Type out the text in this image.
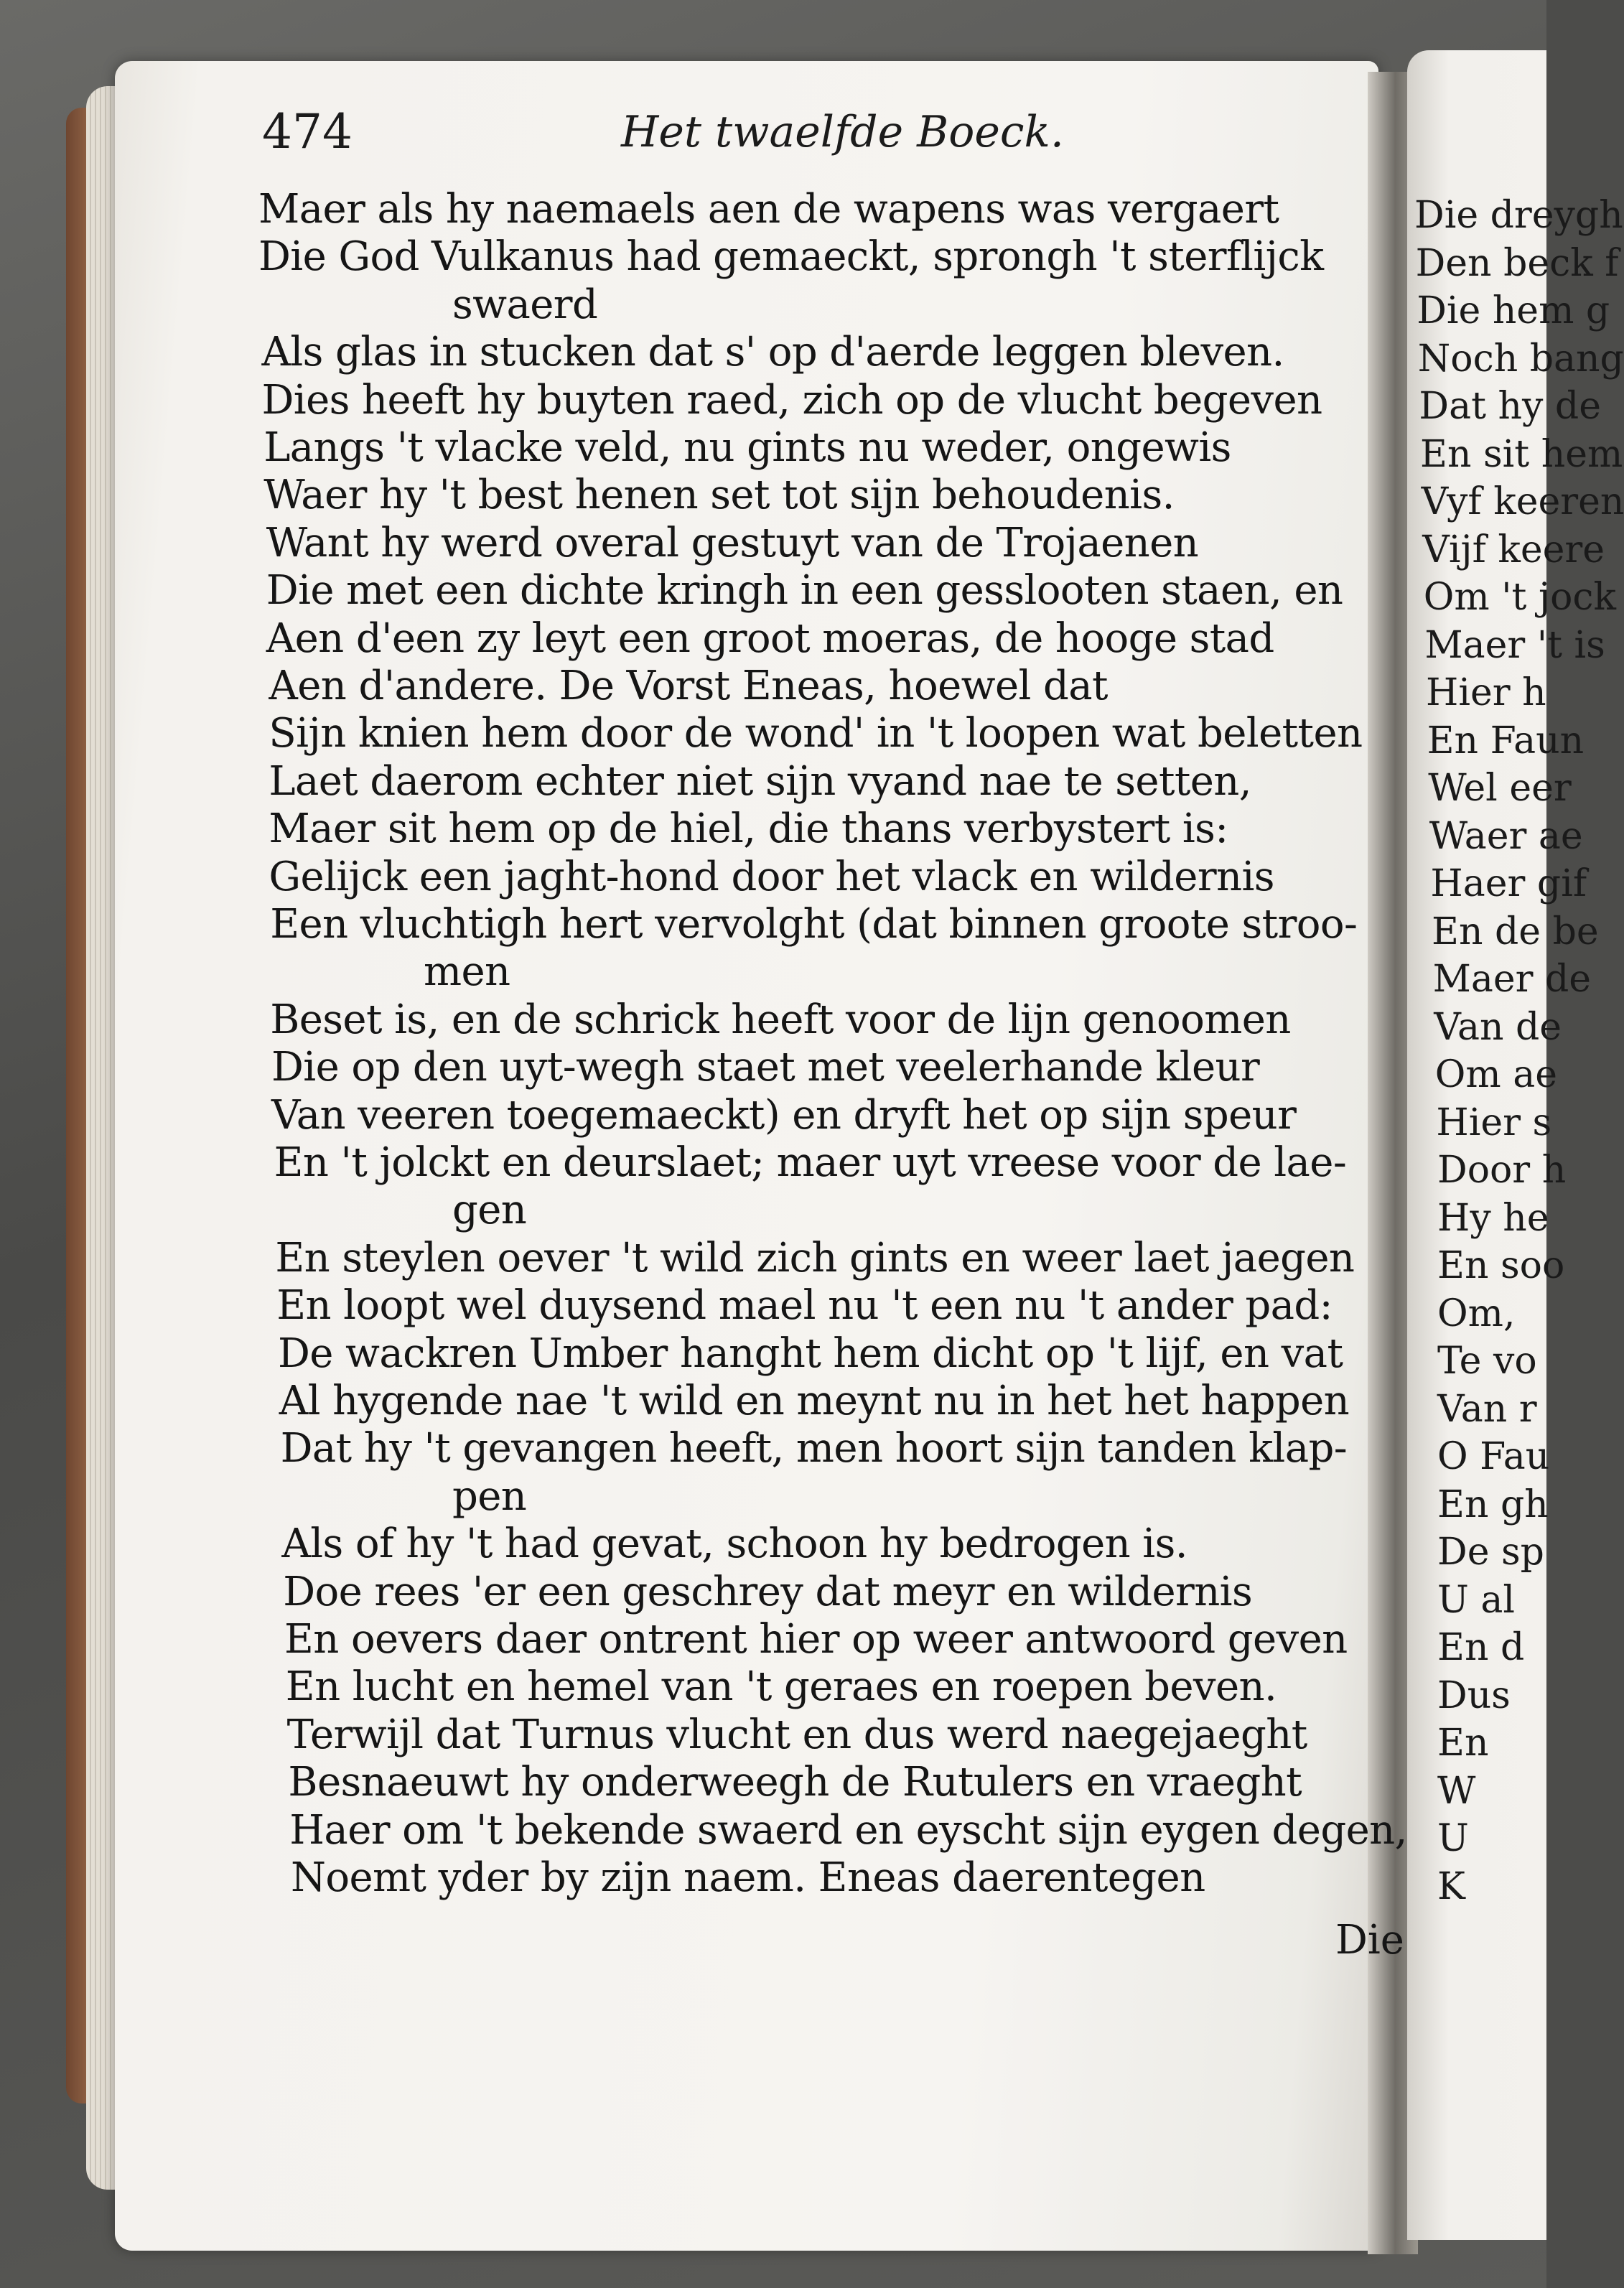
Die dreygh
Den beck f
Die hem g
Noch bang
Dat hy de
En sit hem
Vyf keeren
Vijf keere
Om 't jock
Maer 't is
Hier h
En Faun
Wel eer
Waer ae
Haer gif
En de be
Maer de
Van de
Om ae
Hier s
Door h
Hy he
En soo
Om,
Te vo
Van r
O Fau
En gh
De sp
U al
En d
Dus
En
W
U
K
474	Het twaelfde Boeck.
Maer als hy naemaels aen de wapens was vergaert
Die God Vulkanus had gemaeckt, sprongh 't sterflijck
swaerd
Als glas in stucken dat s' op d'aerde leggen bleven.
Dies heeft hy buyten raed, zich op de vlucht begeven
Langs 't vlacke veld, nu gints nu weder, ongewis
Waer hy 't best henen set tot sijn behoudenis.
Want hy werd overal gestuyt van de Trojaenen
Die met een dichte kringh in een gesslooten staen, en
Aen d'een zy leyt een groot moeras, de hooge stad
Aen d'andere. De Vorst Eneas, hoewel dat
Sijn knien hem door de wond' in 't loopen wat beletten
Laet daerom echter niet sijn vyand nae te setten,
Maer sit hem op de hiel, die thans verbystert is:
Gelijck een jaght-hond door het vlack en wildernis
Een vluchtigh hert vervolght (dat binnen groote stroo-
men
Beset is, en de schrick heeft voor de lijn genoomen
Die op den uyt-wegh staet met veelerhande kleur
Van veeren toegemaeckt) en dryft het op sijn speur
En 't jolckt en deurslaet; maer uyt vreese voor de lae-
gen
En steylen oever 't wild zich gints en weer laet jaegen
En loopt wel duysend mael nu 't een nu 't ander pad:
De wackren Umber hanght hem dicht op 't lijf, en vat
Al hygende nae 't wild en meynt nu in het het happen
Dat hy 't gevangen heeft, men hoort sijn tanden klap-
pen
Als of hy 't had gevat, schoon hy bedrogen is.
Doe rees 'er een geschrey dat meyr en wildernis
En oevers daer ontrent hier op weer antwoord geven
En lucht en hemel van 't geraes en roepen beven.
Terwijl dat Turnus vlucht en dus werd naegejaeght
Besnaeuwt hy onderweegh de Rutulers en vraeght
Haer om 't bekende swaerd en eyscht sijn eygen degen,
Noemt yder by zijn naem. Eneas daerentegen
Die
